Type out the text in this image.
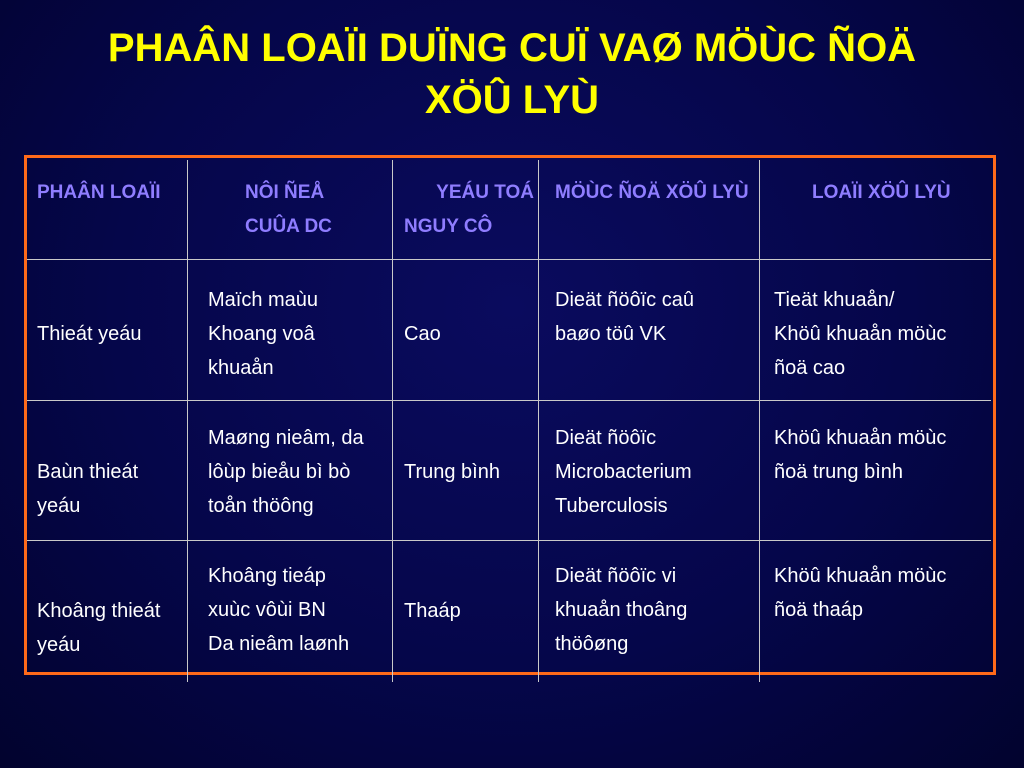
PHAÂN LOAÏI DUÏNG CUÏ VAØ MÖÙC ÑOÄ
XÖÛ LYÙ
PHAÂN LOAÏI	NÔI ÑEÅ
CUÛA DC
YEÁU TOÁ
NGUY CÔ
MÖÙC ÑOÄ XÖÛ LYÙ	LOAÏI XÖÛ LYÙ
Thieát yeáu
Maïch maùu
Khoang voâ
khuaån
Cao
Dieät ñöôïc caû
baøo töû VK
Tieät khuaån/
Khöû khuaån möùc
ñoä cao
Baùn thieát
yeáu
Maøng nieâm, da
lôùp bieåu bì bò
toån thöông
Trung bình
Dieät ñöôïc
Microbacterium
Tuberculosis
Khöû khuaån möùc
ñoä trung bình
Khoâng thieát
yeáu
Khoâng tieáp
xuùc vôùi BN
Da nieâm laønh
Thaáp
Dieät ñöôïc vi
khuaån thoâng
thöôøng
Khöû khuaån möùc
ñoä thaáp
